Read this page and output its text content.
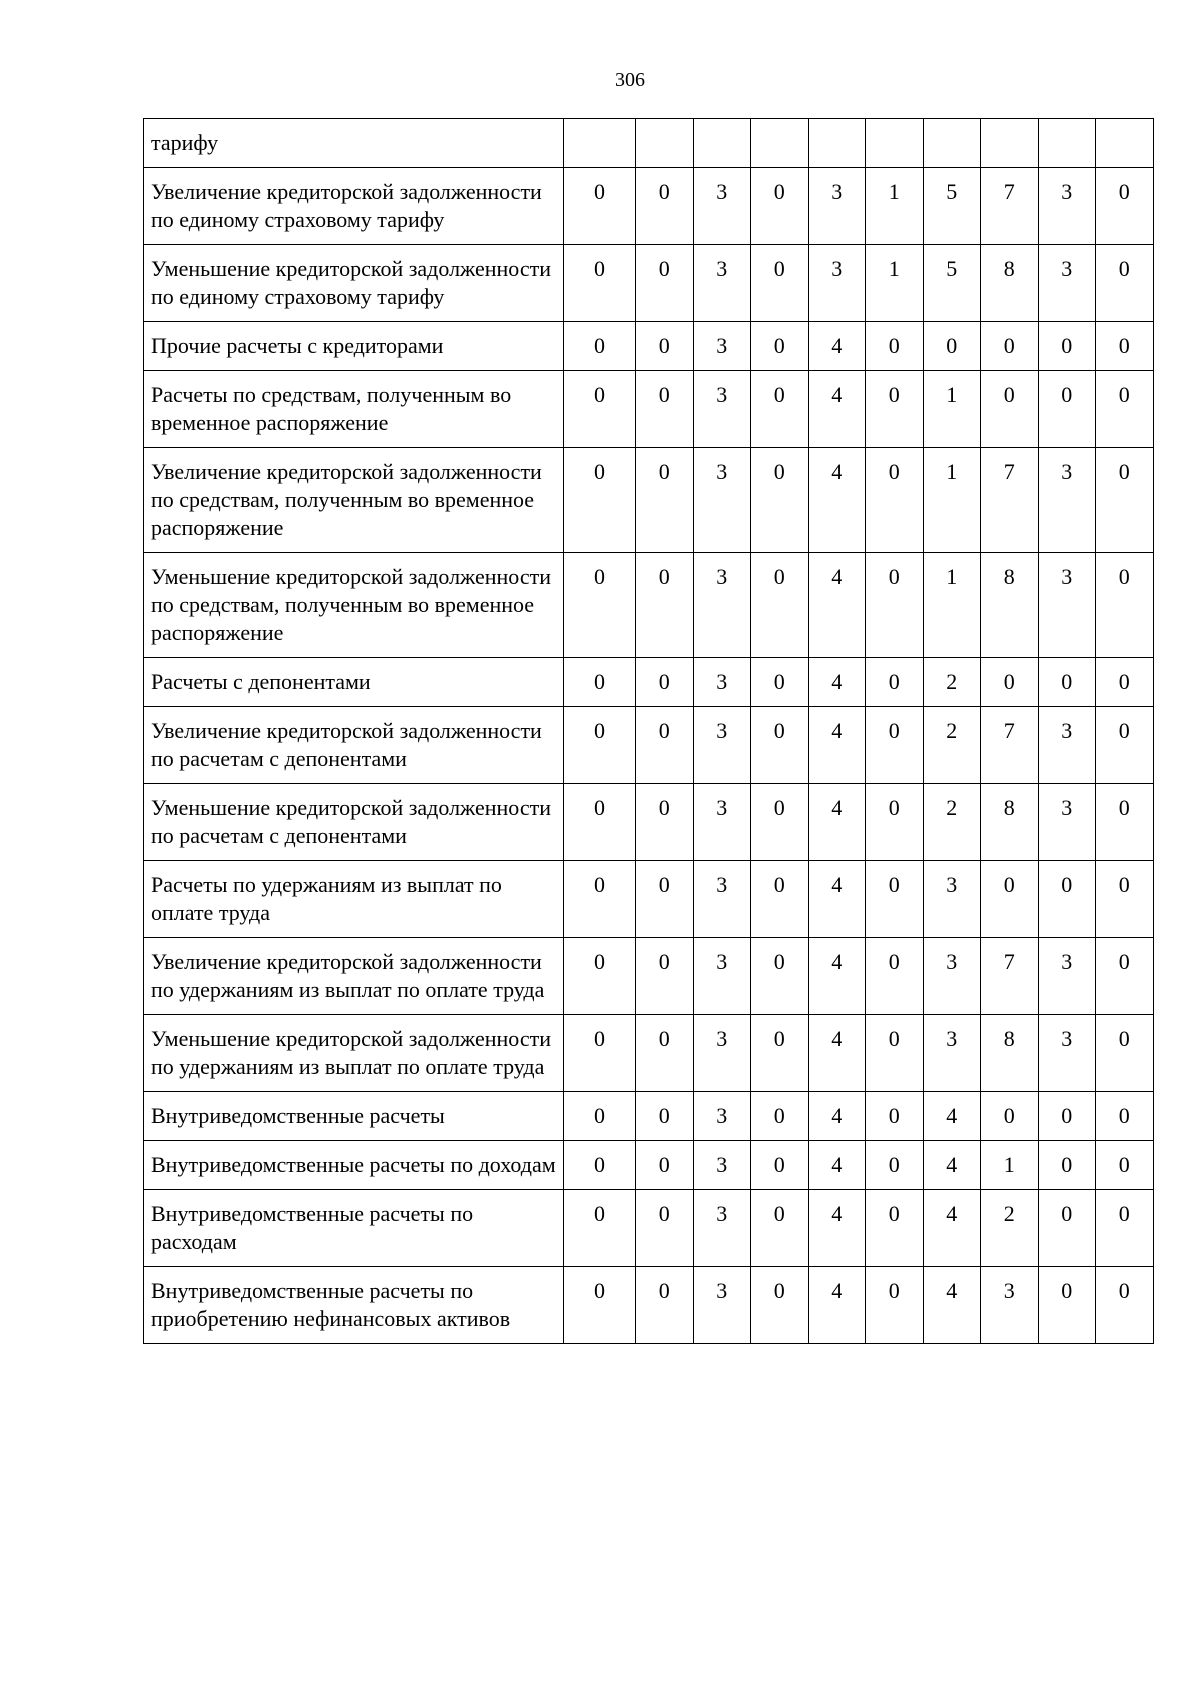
306
тарифу										
Увеличение кредиторской задолженности по единому страховому тарифу	0	0	3	0	3	1	5	7	3	0
Уменьшение кредиторской задолженности по единому страховому тарифу	0	0	3	0	3	1	5	8	3	0
Прочие расчеты с кредиторами	0	0	3	0	4	0	0	0	0	0
Расчеты по средствам, полученным во временное распоряжение	0	0	3	0	4	0	1	0	0	0
Увеличение кредиторской задолженности по средствам, полученным во временное распоряжение	0	0	3	0	4	0	1	7	3	0
Уменьшение кредиторской задолженности по средствам, полученным во временное распоряжение	0	0	3	0	4	0	1	8	3	0
Расчеты с депонентами	0	0	3	0	4	0	2	0	0	0
Увеличение кредиторской задолженности по расчетам с депонентами	0	0	3	0	4	0	2	7	3	0
Уменьшение кредиторской задолженности по расчетам с депонентами	0	0	3	0	4	0	2	8	3	0
Расчеты по удержаниям из выплат по оплате труда	0	0	3	0	4	0	3	0	0	0
Увеличение кредиторской задолженности по удержаниям из выплат по оплате труда	0	0	3	0	4	0	3	7	3	0
Уменьшение кредиторской задолженности по удержаниям из выплат по оплате труда	0	0	3	0	4	0	3	8	3	0
Внутриведомственные расчеты	0	0	3	0	4	0	4	0	0	0
Внутриведомственные расчеты по доходам	0	0	3	0	4	0	4	1	0	0
Внутриведомственные расчеты по расходам	0	0	3	0	4	0	4	2	0	0
Внутриведомственные расчеты по приобретению нефинансовых активов	0	0	3	0	4	0	4	3	0	0
